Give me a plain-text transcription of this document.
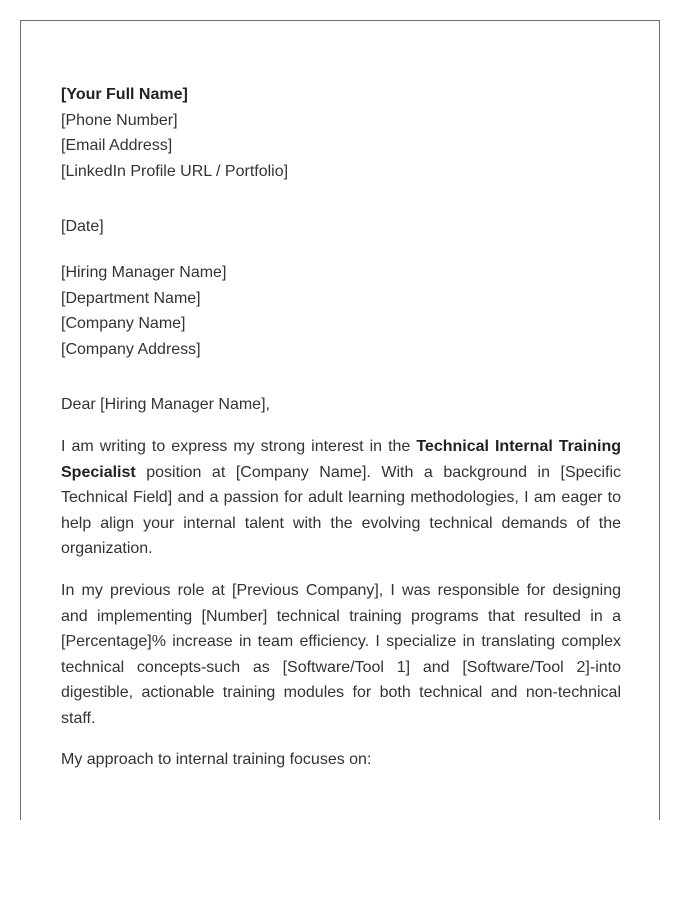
[Your Full Name]
[Phone Number]
[Email Address]
[LinkedIn Profile URL / Portfolio]
[Date]
[Hiring Manager Name]
[Department Name]
[Company Name]
[Company Address]

Dear [Hiring Manager Name],

I am writing to express my strong interest in the Technical Internal Training Specialist position at [Company Name]. With a background in [Specific Technical Field] and a passion for adult learning methodologies, I am eager to help align your internal talent with the evolving technical demands of the organization.

In my previous role at [Previous Company], I was responsible for designing and implementing [Number] technical training programs that resulted in a [Percentage]% increase in team efficiency. I specialize in translating complex technical concepts-such as [Software/Tool 1] and [Software/Tool 2]-into digestible, actionable training modules for both technical and non-technical staff.

My approach to internal training focuses on:
